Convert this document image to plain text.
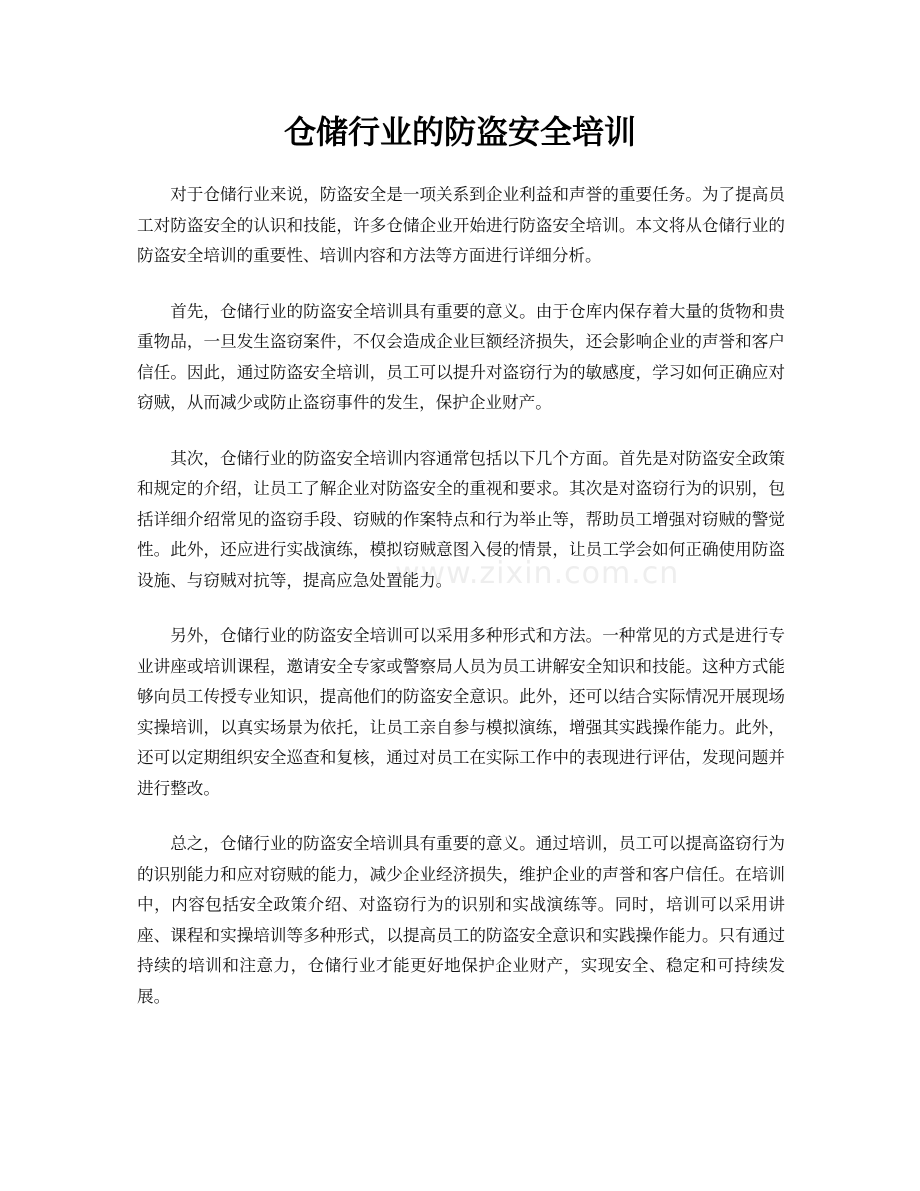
仓储行业的防盗安全培训

对于仓储行业来说，防盗安全是一项关系到企业利益和声誉的重要任务。为了提高员工对防盗安全的认识和技能，许多仓储企业开始进行防盗安全培训。本文将从仓储行业的防盗安全培训的重要性、培训内容和方法等方面进行详细分析。

首先，仓储行业的防盗安全培训具有重要的意义。由于仓库内保存着大量的货物和贵重物品，一旦发生盗窃案件，不仅会造成企业巨额经济损失，还会影响企业的声誉和客户信任。因此，通过防盗安全培训，员工可以提升对盗窃行为的敏感度，学习如何正确应对窃贼，从而减少或防止盗窃事件的发生，保护企业财产。

其次，仓储行业的防盗安全培训内容通常包括以下几个方面。首先是对防盗安全政策和规定的介绍，让员工了解企业对防盗安全的重视和要求。其次是对盗窃行为的识别，包括详细介绍常见的盗窃手段、窃贼的作案特点和行为举止等，帮助员工增强对窃贼的警觉性。此外，还应进行实战演练，模拟窃贼意图入侵的情景，让员工学会如何正确使用防盗设施、与窃贼对抗等，提高应急处置能力。

另外，仓储行业的防盗安全培训可以采用多种形式和方法。一种常见的方式是进行专业讲座或培训课程，邀请安全专家或警察局人员为员工讲解安全知识和技能。这种方式能够向员工传授专业知识，提高他们的防盗安全意识。此外，还可以结合实际情况开展现场实操培训，以真实场景为依托，让员工亲自参与模拟演练，增强其实践操作能力。此外，还可以定期组织安全巡查和复核，通过对员工在实际工作中的表现进行评估，发现问题并进行整改。

总之，仓储行业的防盗安全培训具有重要的意义。通过培训，员工可以提高盗窃行为的识别能力和应对窃贼的能力，减少企业经济损失，维护企业的声誉和客户信任。在培训中，内容包括安全政策介绍、对盗窃行为的识别和实战演练等。同时，培训可以采用讲座、课程和实操培训等多种形式，以提高员工的防盗安全意识和实践操作能力。只有通过持续的培训和注意力，仓储行业才能更好地保护企业财产，实现安全、稳定和可持续发展。

www.zixin.com.cn
